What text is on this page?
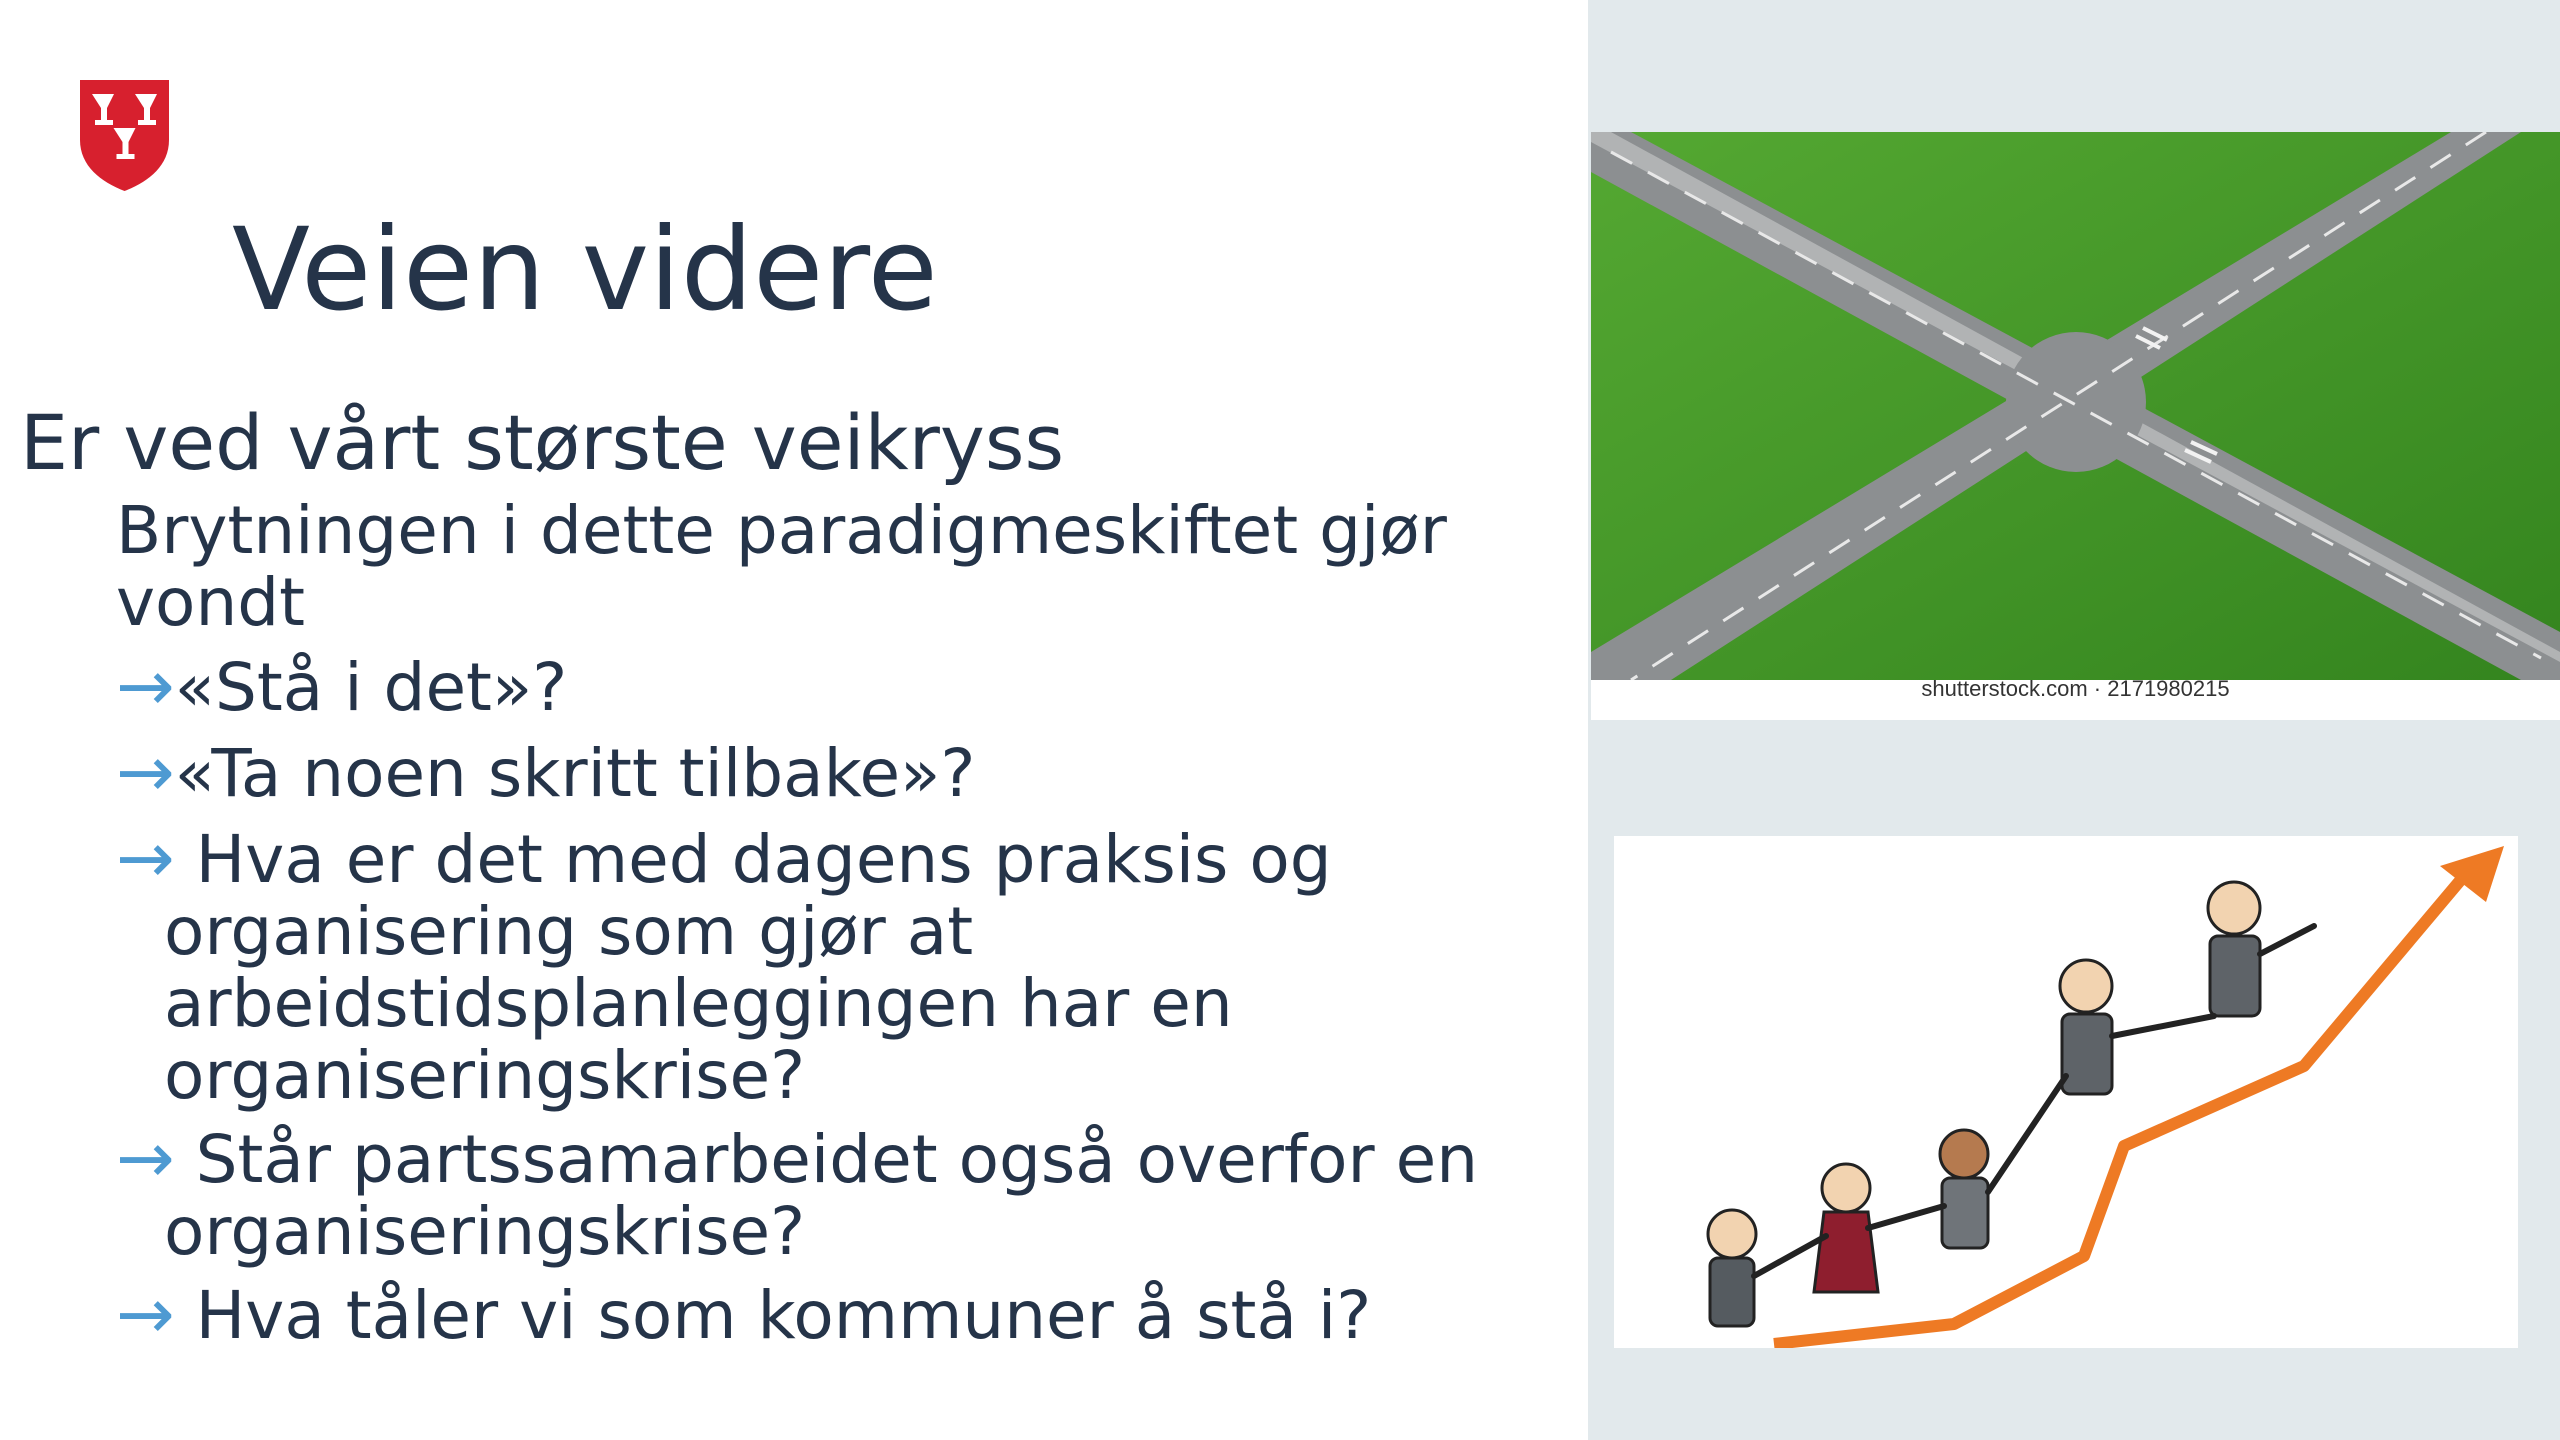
Veien videre
Er ved vårt største veikryss
Brytningen i dette paradigmeskiftet gjør vondt
→«Stå i det»?
→«Ta noen skritt tilbake»?
→ Hva er det med dagens praksis og
organisering som gjør at
arbeidstidsplanleggingen har en
organiseringskrise?
→ Står partssamarbeidet også overfor en
organiseringskrise?
→ Hva tåler vi som kommuner å stå i?
shutterstock.com · 2171980215
